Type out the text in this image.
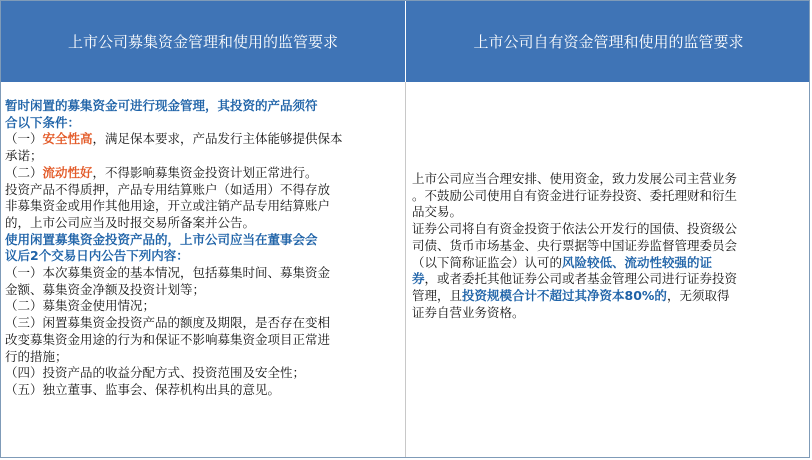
上市公司募集资金管理和使用的监管要求	上市公司自有资金管理和使用的监管要求
暂时闲置的募集资金可进行现金管理，其投资的产品须符
合以下条件：
（一）安全性高，满足保本要求，产品发行主体能够提供保本
承诺；
（二）流动性好，不得影响募集资金投资计划正常进行。
投资产品不得质押，产品专用结算账户（如适用）不得存放
非募集资金或用作其他用途，开立或注销产品专用结算账户
的，上市公司应当及时报交易所备案并公告。
使用闲置募集资金投资产品的，上市公司应当在董事会会
议后2个交易日内公告下列内容：
（一）本次募集资金的基本情况，包括募集时间、募集资金
金额、募集资金净额及投资计划等；
（二）募集资金使用情况；
（三）闲置募集资金投资产品的额度及期限，是否存在变相
改变募集资金用途的行为和保证不影响募集资金项目正常进
行的措施；
（四）投资产品的收益分配方式、投资范围及安全性；
（五）独立董事、监事会、保荐机构出具的意见。
上市公司应当合理安排、使用资金，致力发展公司主营业务
。不鼓励公司使用自有资金进行证券投资、委托理财和衍生
品交易。
证券公司将自有资金投资于依法公开发行的国债、投资级公
司债、货币市场基金、央行票据等中国证券监督管理委员会
（以下简称证监会）认可的风险较低、流动性较强的证
券，或者委托其他证券公司或者基金管理公司进行证券投资
管理，且投资规模合计不超过其净资本80%的，无须取得
证券自营业务资格。
